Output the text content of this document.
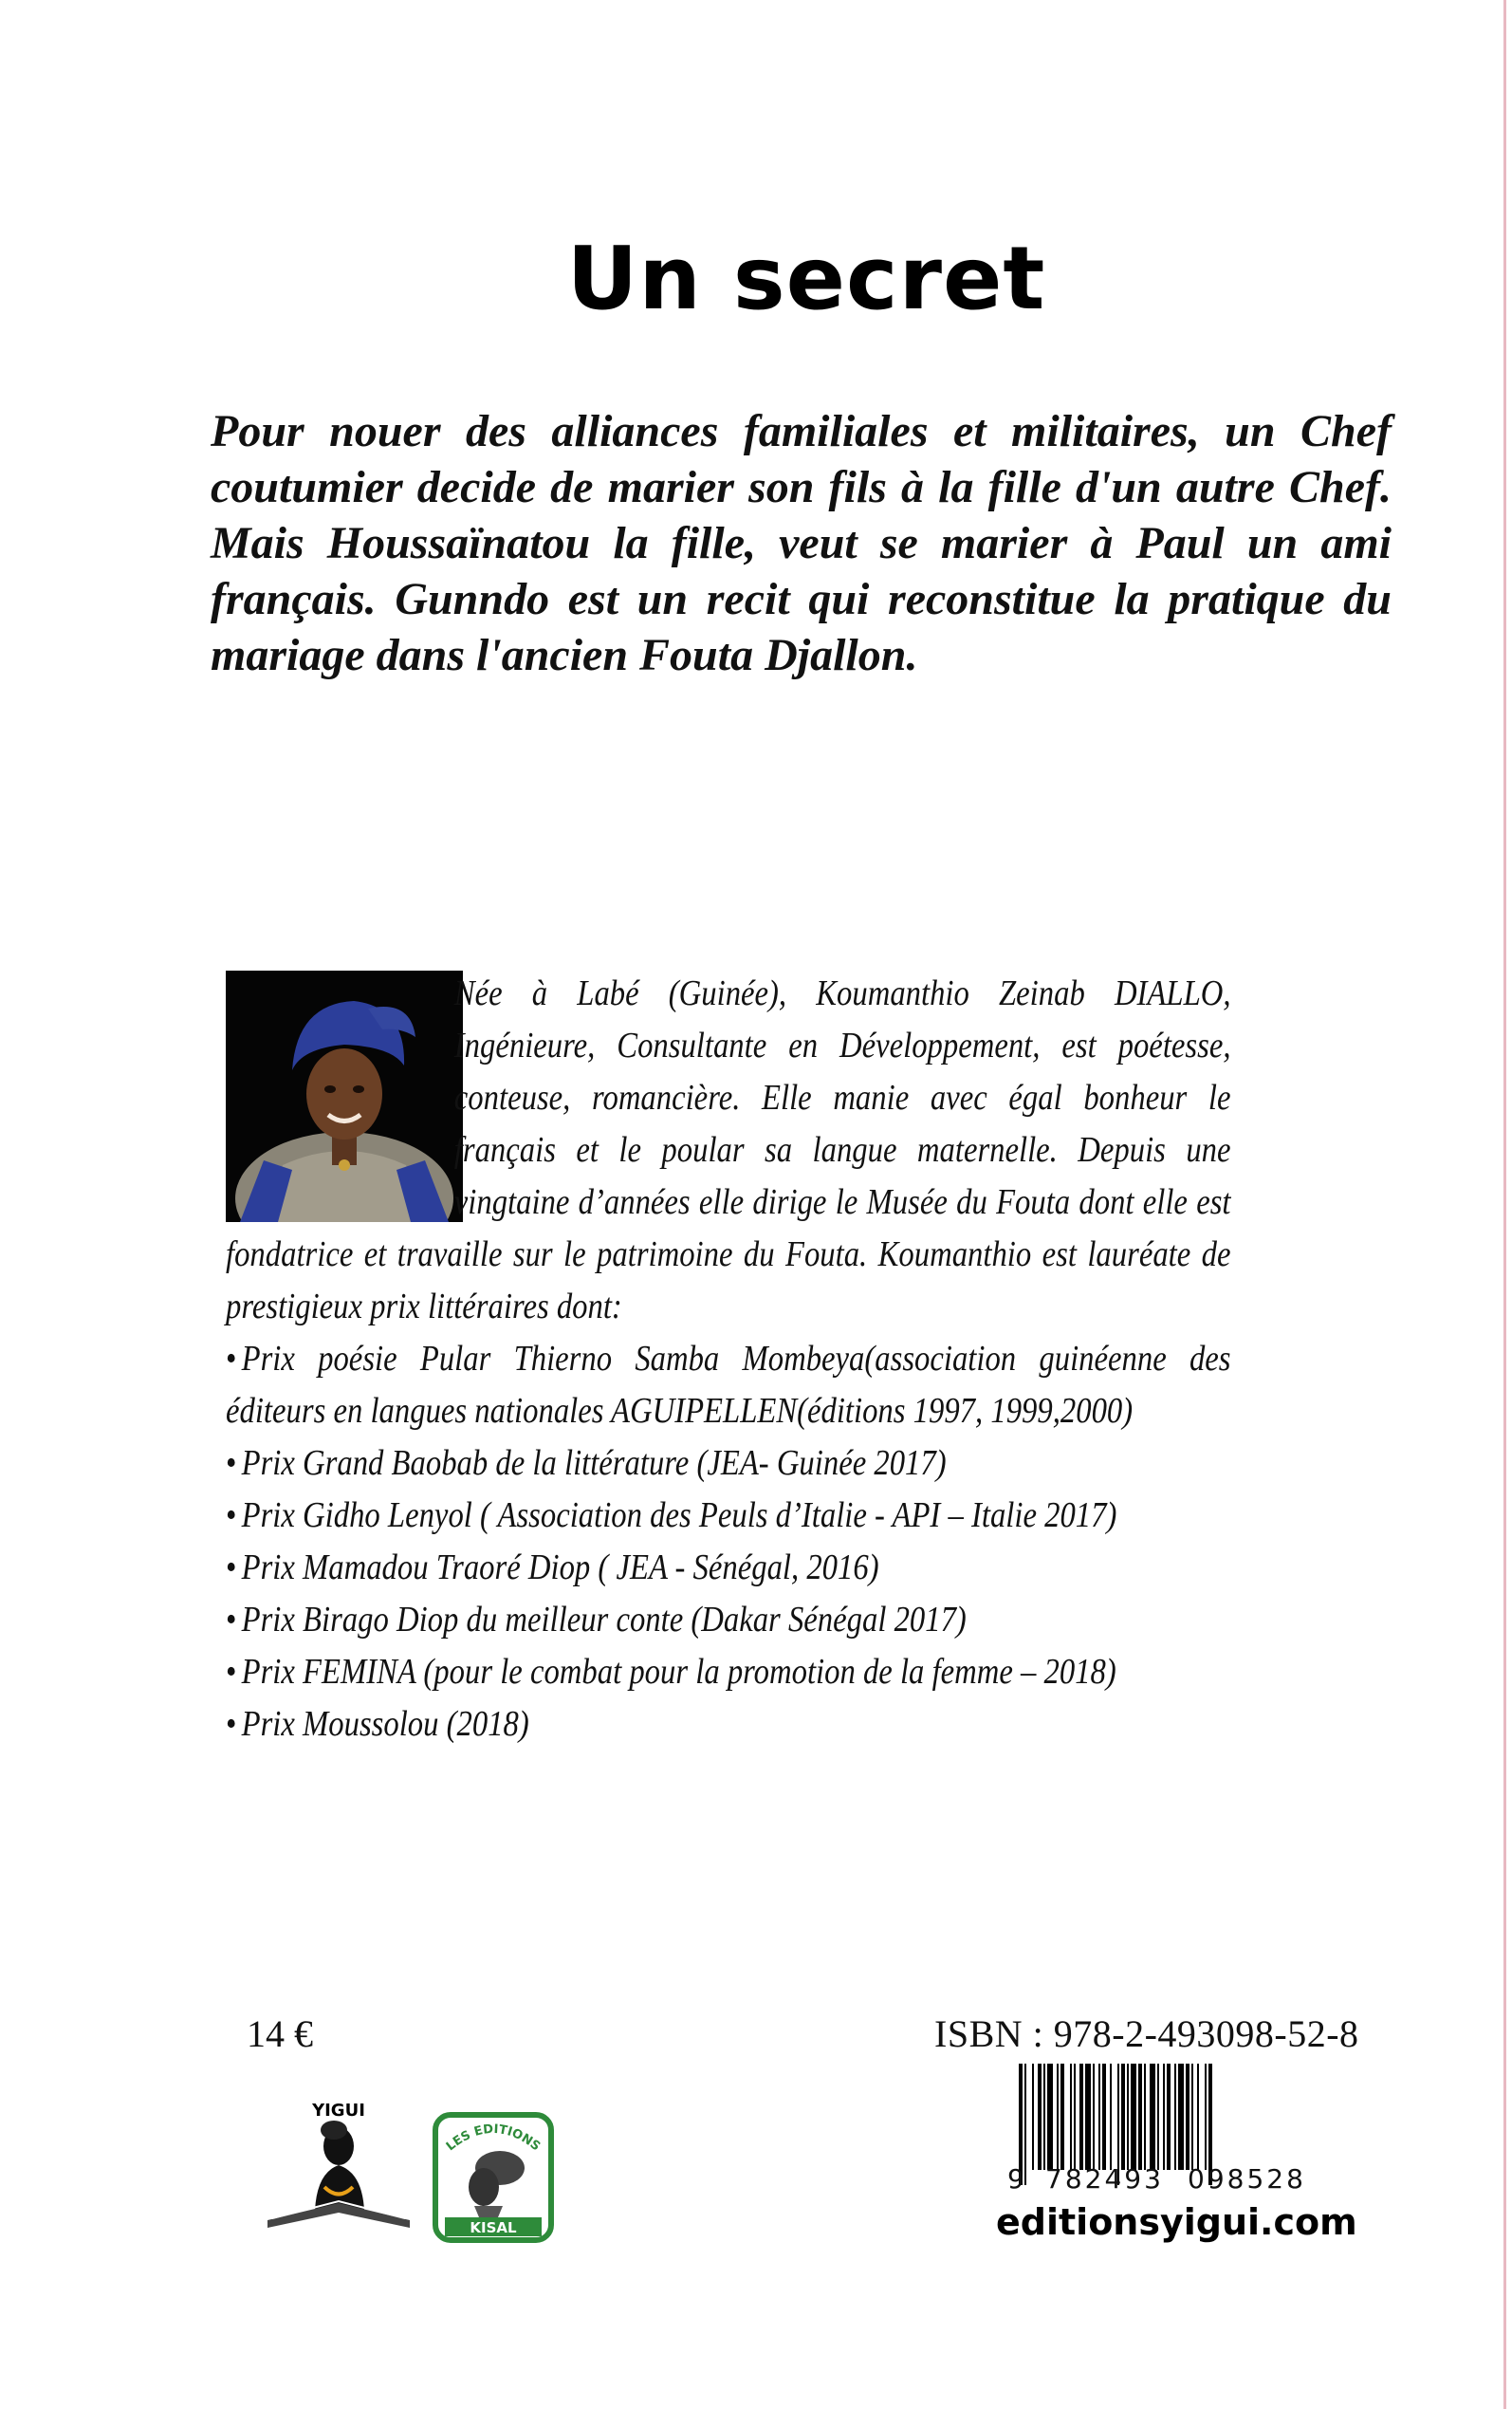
Un secret
Pour nouer des alliances familiales et militaires, un Chef coutumier decide de marier son fils à la fille d'un autre Chef. Mais Houssaïnatou la fille, veut se marier à Paul un ami français. Gunndo est un recit qui reconstitue la pratique du mariage dans l'ancien Fouta Djallon.
Née à Labé (Guinée), Koumanthio Zeinab DIALLO, Ingénieure, Consultante en Développement, est poétesse, conteuse, romancière. Elle manie avec égal bonheur le français et le poular sa langue maternelle. Depuis une vingtaine d’années elle dirige le Musée du Fouta dont elle est fondatrice et travaille sur le patrimoine du Fouta. Koumanthio est lauréate de prestigieux prix littéraires dont:
• Prix poésie Pular Thierno Samba Mombeya(association guinéenne des éditeurs en langues nationales AGUIPELLEN(éditions 1997, 1999,2000)
• Prix Grand Baobab de la littérature (JEA- Guinée 2017)
• Prix Gidho Lenyol ( Association des Peuls d’Italie - API – Italie 2017)
• Prix Mamadou Traoré Diop ( JEA - Sénégal, 2016)
• Prix Birago Diop du meilleur conte (Dakar Sénégal 2017)
• Prix FEMINA (pour le combat pour la promotion de la femme – 2018)
• Prix Moussolou (2018)
14 €	ISBN : 978-2-493098-52-8
9 782493 098528
editionsyigui.com
YIGUI
LES EDITIONS
KISAL
